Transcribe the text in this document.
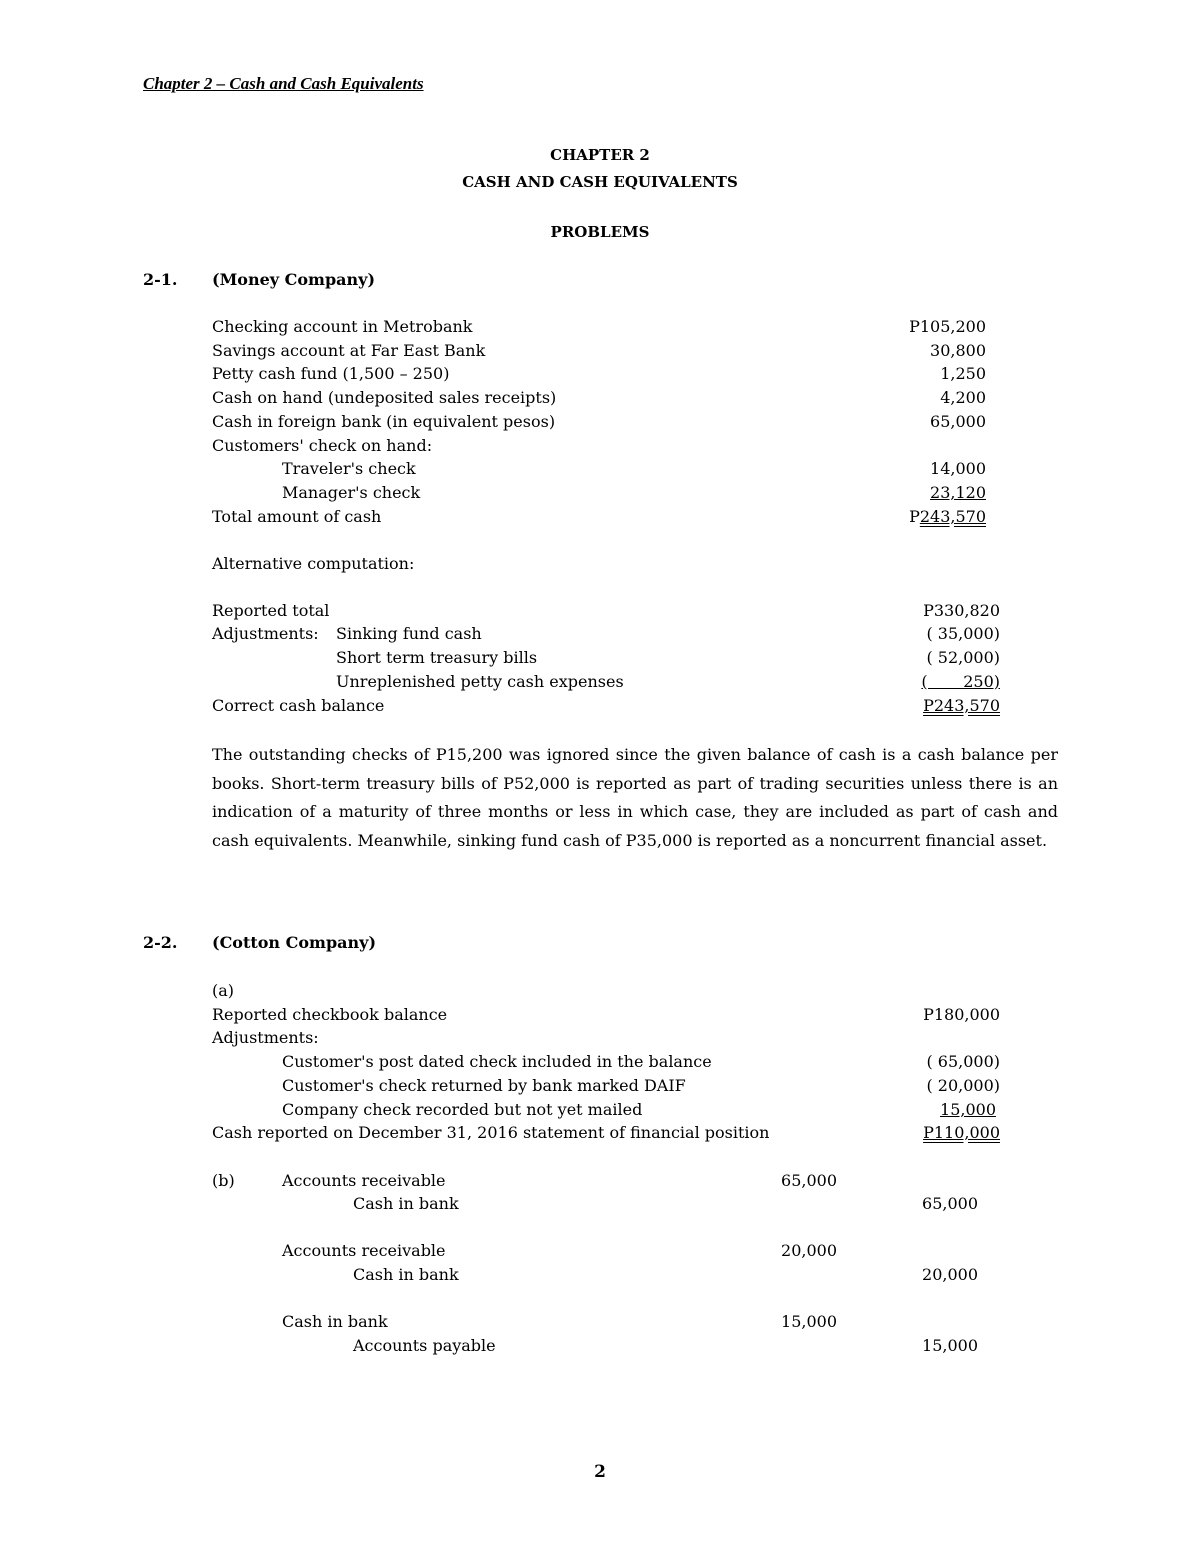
Chapter 2 – Cash and Cash Equivalents
CHAPTER 2
CASH AND CASH EQUIVALENTS
PROBLEMS
2-1. (Money Company)
Checking account in Metrobank	P105,200
Savings account at Far East Bank	30,800
Petty cash fund (1,500 – 250)	1,250
Cash on hand (undeposited sales receipts)	4,200
Cash in foreign bank (in equivalent pesos)	65,000
Customers' check on hand:
Traveler's check	14,000
Manager's check	23,120
Total amount of cash	P243,570
Alternative computation:
Reported total	P330,820
Adjustments: Sinking fund cash	( 35,000)
Short term treasury bills	( 52,000)
Unreplenished petty cash expenses	(       250)
Correct cash balance	P243,570
The outstanding checks of P15,200 was ignored since the given balance of cash is a cash balance per books. Short-term treasury bills of P52,000 is reported as part of trading securities unless there is an indication of a maturity of three months or less in which case, they are included as part of cash and cash equivalents. Meanwhile, sinking fund cash of P35,000 is reported as a noncurrent financial asset.
2-2. (Cotton Company)
(a)
Reported checkbook balance	P180,000
Adjustments:
Customer's post dated check included in the balance	( 65,000)
Customer's check returned by bank marked DAIF	( 20,000)
Company check recorded but not yet mailed	15,000
Cash reported on December 31, 2016 statement of financial position	P110,000
(b)	Accounts receivable	65,000
Cash in bank	65,000
Accounts receivable	20,000
Cash in bank	20,000
Cash in bank	15,000
Accounts payable	15,000
2
